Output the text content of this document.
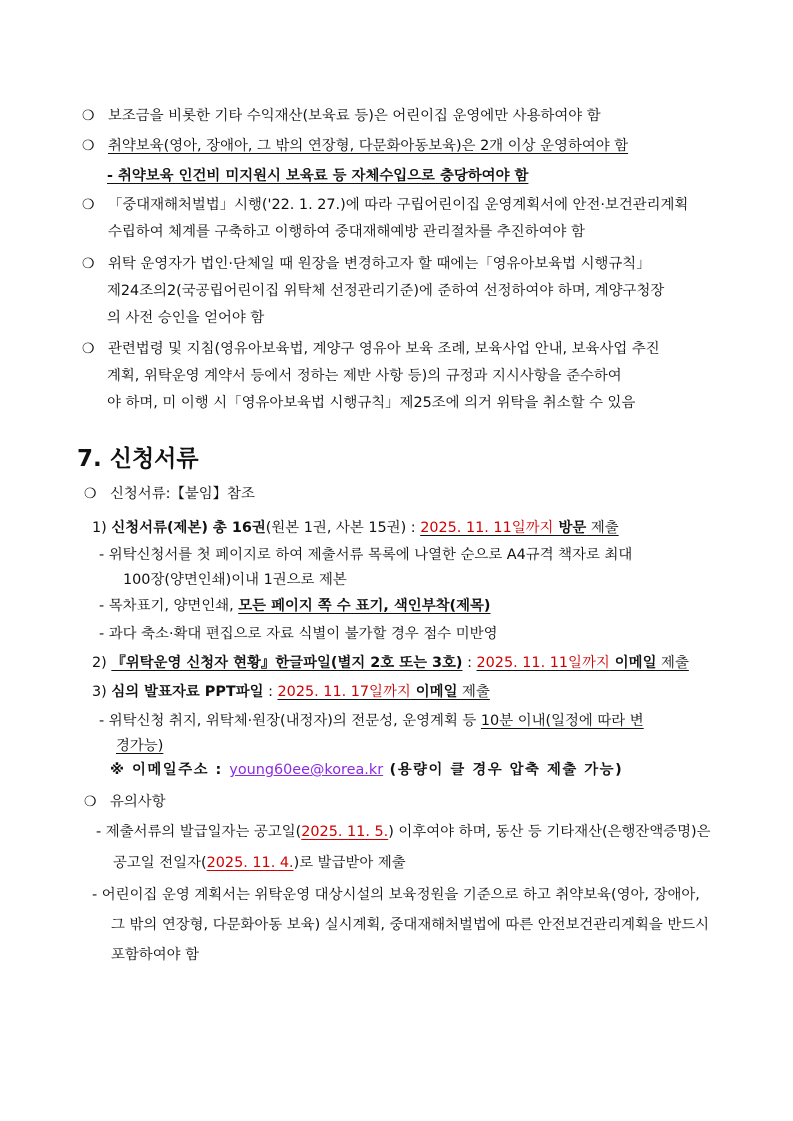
❍ 보조금을 비롯한 기타 수익재산(보육료 등)은 어린이집 운영에만 사용하여야 함
❍ 취약보육(영아, 장애아, 그 밖의 연장형, 다문화아동보육)은 2개 이상 운영하여야 함
- 취약보육 인건비 미지원시 보육료 등 자체수입으로 충당하여야 함
❍ 「중대재해처벌법」시행('22. 1. 27.)에 따라 구립어린이집 운영계획서에 안전·보건관리계획
수립하여 체계를 구축하고 이행하여 중대재해예방 관리절차를 추진하여야 함
❍ 위탁 운영자가 법인·단체일 때 원장을 변경하고자 할 때에는「영유아보육법 시행규칙」
제24조의2(국공립어린이집 위탁체 선정관리기준)에 준하여 선정하여야 하며, 계양구청장
의 사전 승인을 얻어야 함
❍ 관련법령 및 지침(영유아보육법, 계양구 영유아 보육 조례, 보육사업 안내, 보육사업 추진
계획, 위탁운영 계약서 등에서 정하는 제반 사항 등)의 규정과 지시사항을 준수하여
야 하며, 미 이행 시「영유아보육법 시행규칙」제25조에 의거 위탁을 취소할 수 있음
7. 신청서류
❍ 신청서류:【붙임】참조
1) 신청서류(제본) 총 16권(원본 1권, 사본 15권) : 2025. 11. 11일까지 방문 제출
- 위탁신청서를 첫 페이지로 하여 제출서류 목록에 나열한 순으로 A4규격 책자로 최대
100장(양면인쇄)이내 1권으로 제본
- 목차표기, 양면인쇄, 모든 페이지 쪽 수 표기, 색인부착(제목)
- 과다 축소·확대 편집으로 자료 식별이 불가할 경우 점수 미반영
2) 『위탁운영 신청자 현황』한글파일(별지 2호 또는 3호) : 2025. 11. 11일까지 이메일 제출
3) 심의 발표자료 PPT파일 : 2025. 11. 17일까지 이메일 제출
- 위탁신청 취지, 위탁체·원장(내정자)의 전문성, 운영계획 등 10분 이내(일정에 따라 변
경가능)
※ 이메일주소 : young60ee@korea.kr (용량이 클 경우 압축 제출 가능)
❍ 유의사항
- 제출서류의 발급일자는 공고일(2025. 11. 5.) 이후여야 하며, 동산 등 기타재산(은행잔액증명)은
공고일 전일자(2025. 11. 4.)로 발급받아 제출
- 어린이집 운영 계획서는 위탁운영 대상시설의 보육정원을 기준으로 하고 취약보육(영아, 장애아,
그 밖의 연장형, 다문화아동 보육) 실시계획, 중대재해처벌법에 따른 안전보건관리계획을 반드시
포함하여야 함
